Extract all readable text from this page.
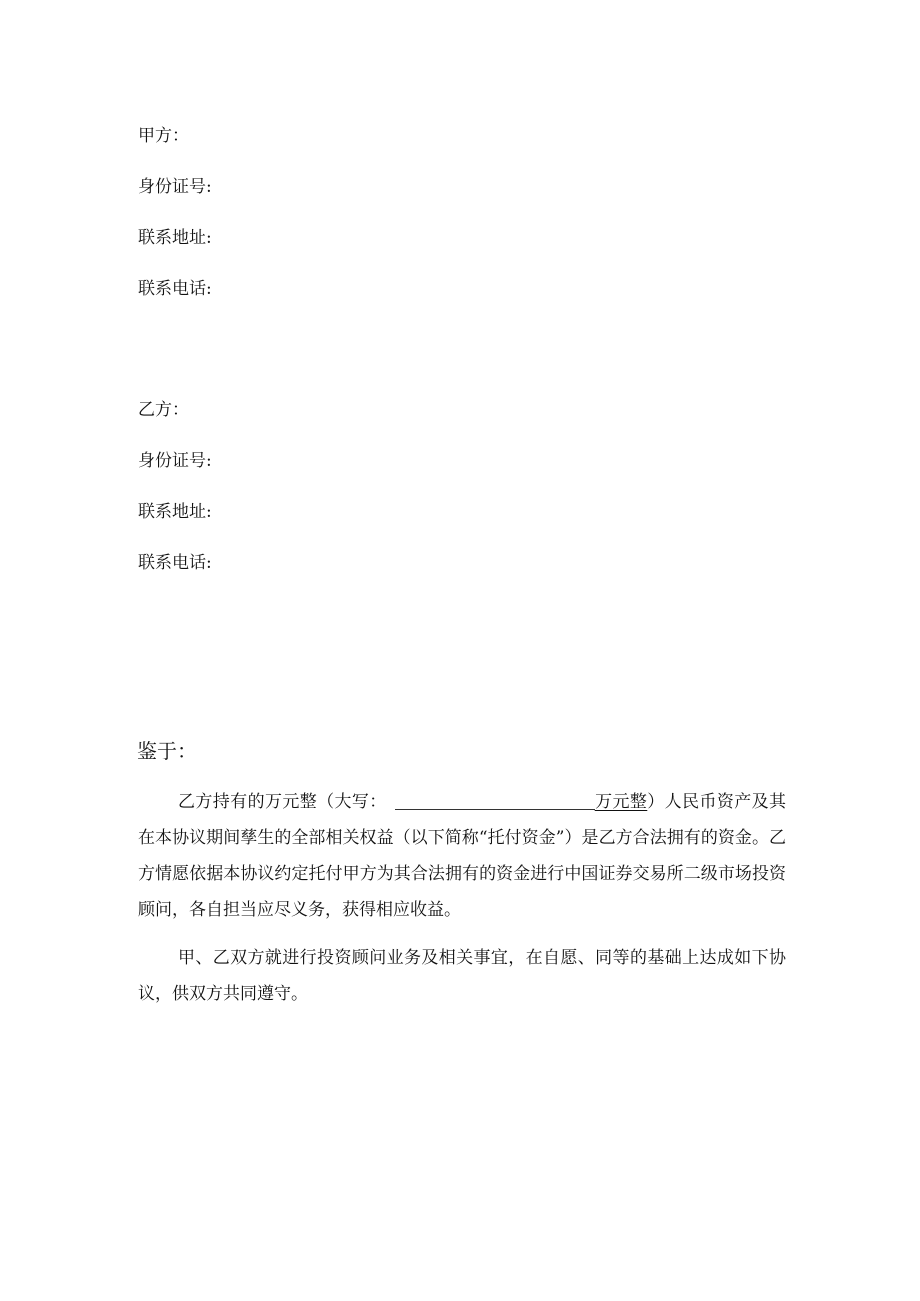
甲方：
身份证号:
联系地址:
联系电话:
乙方：
身份证号:
联系地址:
联系电话:
鉴于：

乙方持有的万元整（大写：	万元整）人民币资产及其在本协议期间孳生的全部相关权益（以下简称“托付资金”）是乙方合法拥有的资金。乙方情愿依据本协议约定托付甲方为其合法拥有的资金进行中国证券交易所二级市场投资顾问，各自担当应尽义务，获得相应收益。

甲、乙双方就进行投资顾问业务及相关事宜，在自愿、同等的基础上达成如下协议，供双方共同遵守。
